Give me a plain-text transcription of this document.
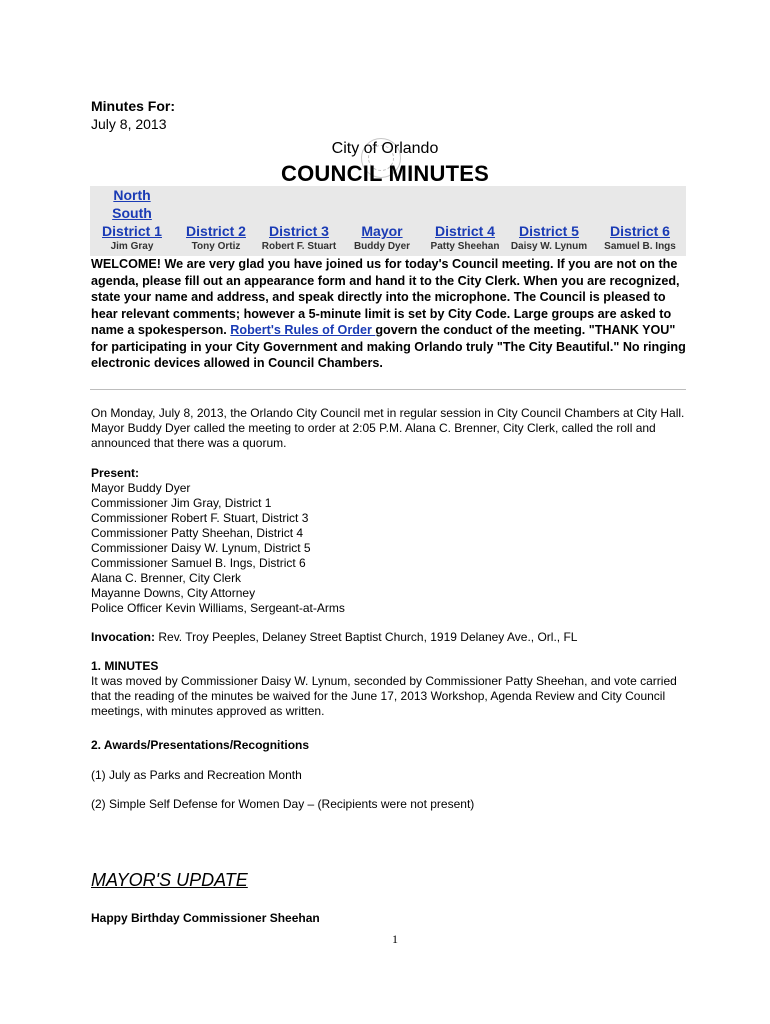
Minutes For:
July 8, 2013
City of Orlando
COUNCIL MINUTES
North
South
District 1
Jim Gray
District 2
Tony Ortiz
District 3
Robert F. Stuart
Mayor
Buddy Dyer
District 4
Patty Sheehan
District 5
Daisy W. Lynum
District 6
Samuel B. Ings
WELCOME! We are very glad you have joined us for today's Council meeting. If you are not on the agenda, please fill out an appearance form and hand it to the City Clerk. When you are recognized, state your name and address, and speak directly into the microphone. The Council is pleased to hear relevant comments; however a 5-minute limit is set by City Code. Large groups are asked to name a spokesperson. Robert's Rules of Order govern the conduct of the meeting. "THANK YOU" for participating in your City Government and making Orlando truly "The City Beautiful." No ringing electronic devices allowed in Council Chambers.
On Monday, July 8, 2013, the Orlando City Council met in regular session in City Council Chambers at City Hall. Mayor Buddy Dyer called the meeting to order at 2:05 P.M. Alana C. Brenner, City Clerk, called the roll and announced that there was a quorum.
Present:
Mayor Buddy Dyer
Commissioner Jim Gray, District 1
Commissioner Robert F. Stuart, District 3
Commissioner Patty Sheehan, District 4
Commissioner Daisy W. Lynum, District 5
Commissioner Samuel B. Ings, District 6
Alana C. Brenner, City Clerk
Mayanne Downs, City Attorney
Police Officer Kevin Williams, Sergeant-at-Arms
Invocation: Rev. Troy Peeples, Delaney Street Baptist Church, 1919 Delaney Ave., Orl., FL
1. MINUTES
It was moved by Commissioner Daisy W. Lynum, seconded by Commissioner Patty Sheehan, and vote carried that the reading of the minutes be waived for the June 17, 2013 Workshop, Agenda Review and City Council meetings, with minutes approved as written.
2. Awards/Presentations/Recognitions
(1) July as Parks and Recreation Month
(2) Simple Self Defense for Women Day – (Recipients were not present)
MAYOR'S UPDATE
Happy Birthday Commissioner Sheehan
1
